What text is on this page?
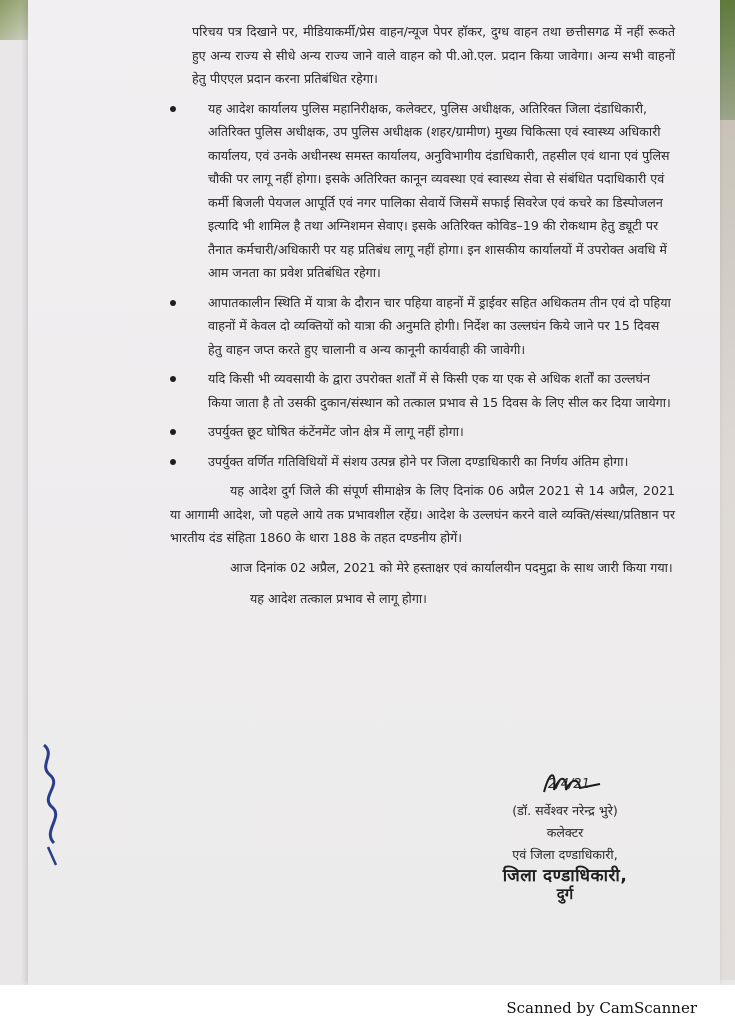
परिचय पत्र दिखाने पर, मीडियाकर्मी/प्रेस वाहन/न्यूज पेपर हॉकर, दुग्ध वाहन तथा छत्तीसगढ में नहीं रूकते हुए अन्य राज्य से सीधे अन्य राज्य जाने वाले वाहन को पी.ओ.एल. प्रदान किया जावेगा। अन्य सभी वाहनों हेतु पीएएल प्रदान करना प्रतिबंधित रहेगा।

यह आदेश कार्यालय पुलिस महानिरीक्षक, कलेक्टर, पुलिस अधीक्षक, अतिरिक्त जिला दंडाधिकारी, अतिरिक्त पुलिस अधीक्षक, उप पुलिस अधीक्षक (शहर/ग्रामीण) मुख्य चिकित्सा एवं स्वास्थ्य अधिकारी कार्यालय, एवं उनके अधीनस्थ समस्त कार्यालय, अनुविभागीय दंडाधिकारी, तहसील एवं थाना एवं पुलिस चौकी पर लागू नहीं होगा। इसके अतिरिक्त कानून व्यवस्था एवं स्वास्थ्य सेवा से संबंधित पदाधिकारी एवं कर्मी बिजली पेयजल आपूर्ति एवं नगर पालिका सेवायें जिसमें सफाई सिवरेज एवं कचरे का डिस्पोजलन इत्यादि भी शामिल है तथा अग्निशमन सेवाए। इसके अतिरिक्त कोविड–19 की रोकथाम हेतु ड्यूटी पर तैनात कर्मचारी/अधिकारी पर यह प्रतिबंध लागू नहीं होगा। इन शासकीय कार्यालयों में उपरोक्त अवधि में आम जनता का प्रवेश प्रतिबंधित रहेगा।
आपातकालीन स्थिति में यात्रा के दौरान चार पहिया वाहनों में ड्राईवर सहित अधिकतम तीन एवं दो पहिया वाहनों में केवल दो व्यक्तियों को यात्रा की अनुमति होगी। निर्देश का उल्लघंन किये जाने पर 15 दिवस हेतु वाहन जप्त करते हुए चालानी व अन्य कानूनी कार्यवाही की जावेगी।
यदि किसी भी व्यवसायी के द्वारा उपरोक्त शर्तों में से किसी एक या एक से अधिक शर्तों का उल्लघंन किया जाता है तो उसकी दुकान/संस्थान को तत्काल प्रभाव से 15 दिवस के लिए सील कर दिया जायेगा।
उपर्युक्त छूट घोषित कंटेंनमेंट जोन क्षेत्र में लागू नहीं होगा।
उपर्युक्त वर्णित गतिविधियों में संशय उत्पन्न होने पर जिला दण्डाधिकारी का निर्णय अंतिम होगा।

यह आदेश दुर्ग जिले की संपूर्ण सीमाक्षेत्र के लिए दिनांक 06 अप्रैल 2021 से 14 अप्रैल, 2021 या आगामी आदेश, जो पहले आये तक प्रभावशील रहेंग्र। आदेश के उल्लघंन करने वाले व्यक्ति/संस्था/प्रतिष्ठान पर भारतीय दंड संहिता 1860 के धारा 188 के तहत दण्डनीय होगें।

आज दिनांक 02 अप्रैल, 2021 को मेरे हस्ताक्षर एवं कार्यालयीन पदमुद्रा के साथ जारी किया गया।

यह आदेश तत्काल प्रभाव से लागू होगा।

2/4/21
(डॉ. सर्वेश्वर नरेन्द्र भुरे)
कलेक्टर
एवं जिला दण्डाधिकारी,
जिला दण्डाधिकारी,
दुर्ग
Scanned by CamScanner
